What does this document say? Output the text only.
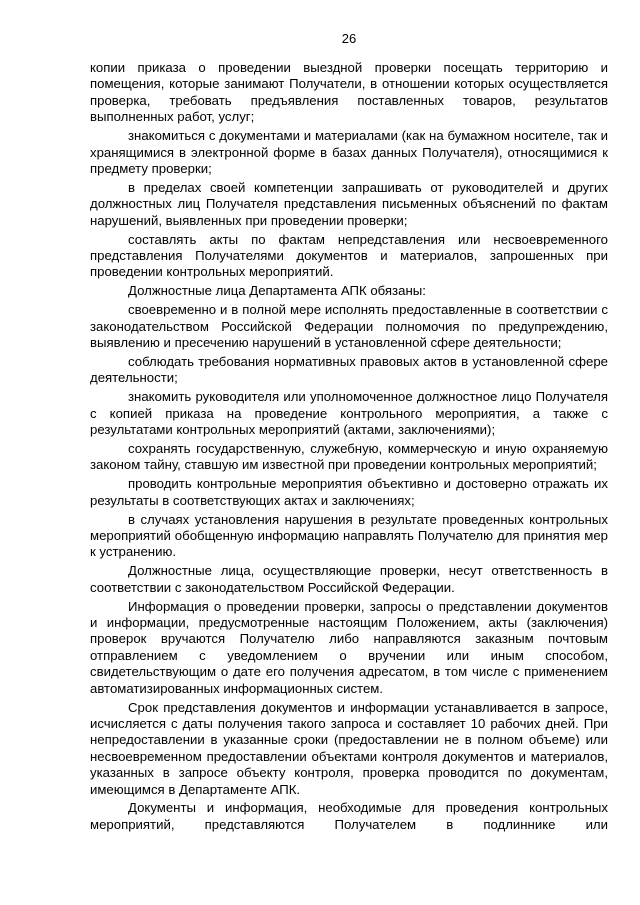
26

копии приказа о проведении выездной проверки посещать территорию и помещения, которые занимают Получатели, в отношении которых осуществляется проверка, требовать предъявления поставленных товаров, результатов выполненных работ, услуг;

знакомиться с документами и материалами (как на бумажном носителе, так и хранящимися в электронной форме в базах данных Получателя), относящимися к предмету проверки;

в пределах своей компетенции запрашивать от руководителей и других должностных лиц Получателя представления письменных объяснений по фактам нарушений, выявленных при проведении проверки;

составлять акты по фактам непредставления или несвоевременного представления Получателями документов и материалов, запрошенных при проведении контрольных мероприятий.

Должностные лица Департамента АПК обязаны:

своевременно и в полной мере исполнять предоставленные в соответствии с законодательством Российской Федерации полномочия по предупреждению, выявлению и пресечению нарушений в установленной сфере деятельности;

соблюдать требования нормативных правовых актов в установленной сфере деятельности;

знакомить руководителя или уполномоченное должностное лицо Получателя с копией приказа на проведение контрольного мероприятия, а также с результатами контрольных мероприятий (актами, заключениями);

сохранять государственную, служебную, коммерческую и иную охраняемую законом тайну, ставшую им известной при проведении контрольных мероприятий;

проводить контрольные мероприятия объективно и достоверно отражать их результаты в соответствующих актах и заключениях;

в случаях установления нарушения в результате проведенных контрольных мероприятий обобщенную информацию направлять Получателю для принятия мер к устранению.

Должностные лица, осуществляющие проверки, несут ответственность в соответствии с законодательством Российской Федерации.

Информация о проведении проверки, запросы о представлении документов и информации, предусмотренные настоящим Положением, акты (заключения) проверок вручаются Получателю либо направляются заказным почтовым отправлением с уведомлением о вручении или иным способом, свидетельствующим о дате его получения адресатом, в том числе с применением автоматизированных информационных систем.

Срок представления документов и информации устанавливается в запросе, исчисляется с даты получения такого запроса и составляет 10 рабочих дней. При непредоставлении в указанные сроки (предоставлении не в полном объеме) или несвоевременном предоставлении объектами контроля документов и материалов, указанных в запросе объекту контроля, проверка проводится по документам, имеющимся в Департаменте АПК.

Документы и информация, необходимые для проведения контрольных мероприятий, представляются Получателем в подлиннике или
